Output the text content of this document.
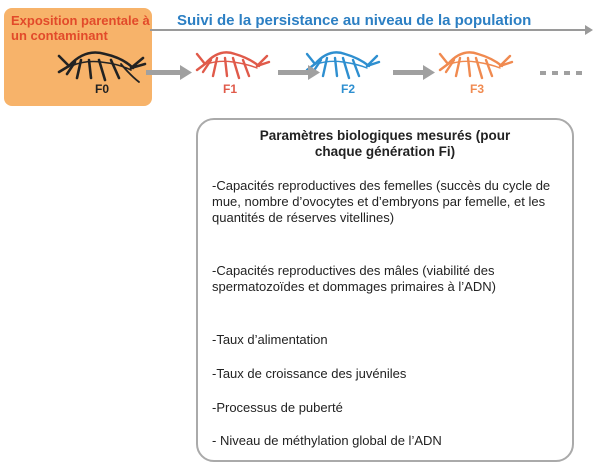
Exposition parentale à un contaminant
Suivi de la persistance au niveau de la population
F0	F1	F2	F3
Paramètres biologiques mesurés (pour chaque génération Fi)
-Capacités reproductives des femelles (succès du cycle de mue, nombre d’ovocytes et d’embryons par femelle, et les quantités de réserves vitellines)
-Capacités reproductives des mâles (viabilité des spermatozoïdes et dommages primaires à l’ADN)
-Taux d’alimentation
-Taux de croissance des juvéniles
-Processus de puberté
- Niveau de méthylation global de l’ADN
